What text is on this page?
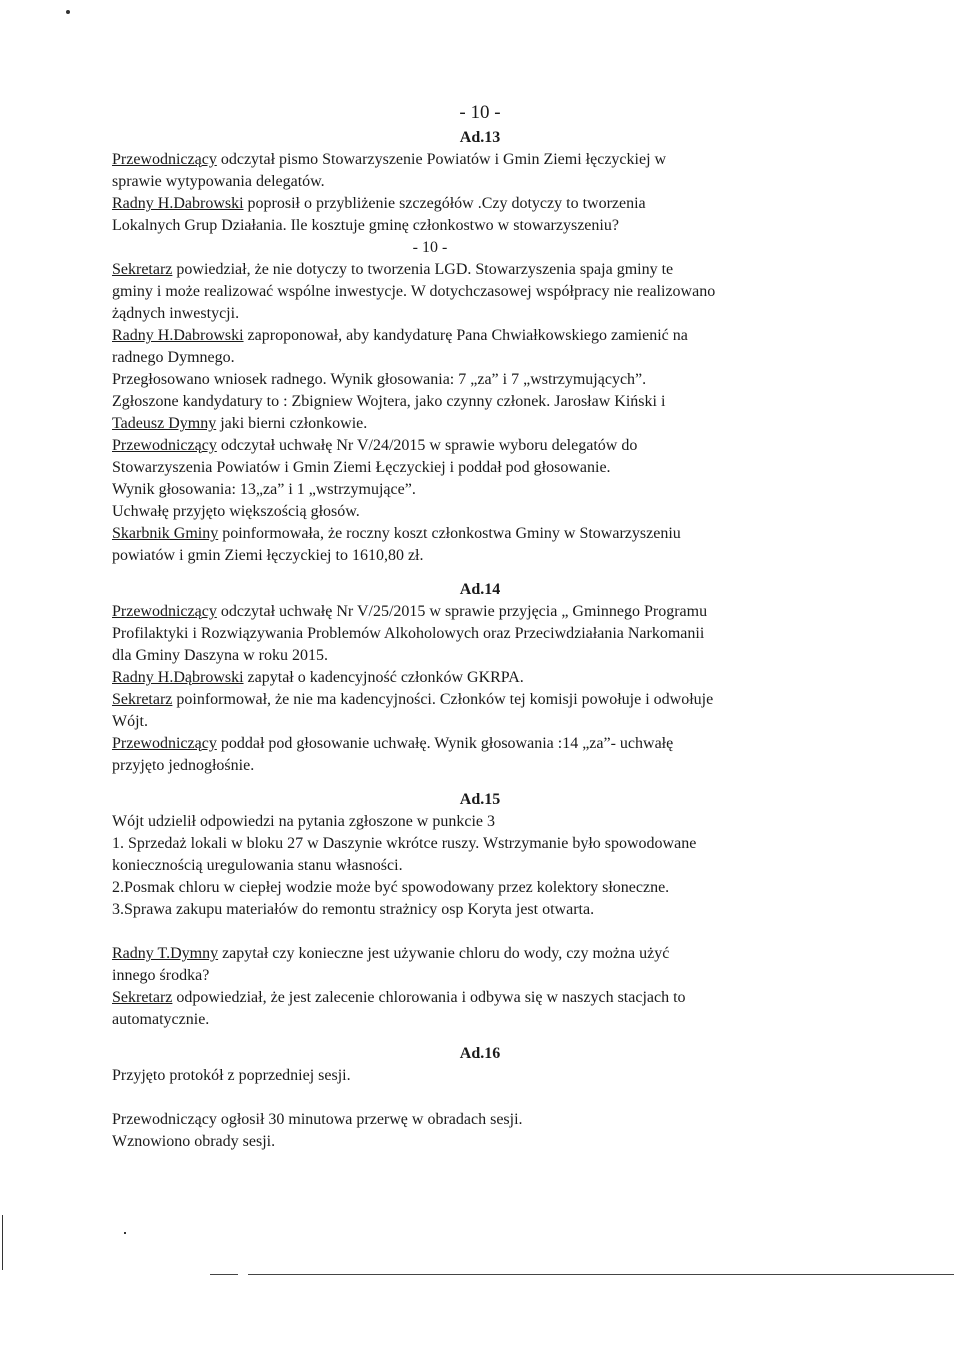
- 10 -
Ad.13
Przewodniczący odczytał pismo Stowarzyszenie Powiatów i Gmin Ziemi łęczyckiej w
sprawie wytypowania delegatów.
Radny H.Dabrowski poprosił o przybliżenie szczegółów .Czy dotyczy to tworzenia
Lokalnych Grup Działania. Ile kosztuje gminę członkostwo w stowarzyszeniu?
- 10 -
Sekretarz powiedział, że nie dotyczy to tworzenia LGD. Stowarzyszenia spaja gminy te
gminy i może realizować wspólne inwestycje. W dotychczasowej współpracy nie realizowano
żądnych inwestycji.
Radny H.Dabrowski zaproponował, aby kandydaturę Pana Chwiałkowskiego zamienić na
radnego Dymnego.
Przegłosowano wniosek radnego. Wynik głosowania: 7 „za” i 7 „wstrzymujących”.
Zgłoszone kandydatury to : Zbigniew Wojtera, jako czynny członek. Jarosław Kiński i
Tadeusz Dymny jaki bierni członkowie.
Przewodniczący odczytał uchwałę Nr V/24/2015 w sprawie wyboru delegatów do
Stowarzyszenia Powiatów i Gmin Ziemi Łęczyckiej i poddał pod głosowanie.
Wynik głosowania: 13„za” i 1 „wstrzymujące”.
Uchwałę przyjęto większością głosów.
Skarbnik Gminy poinformowała, że roczny koszt członkostwa Gminy w Stowarzyszeniu
powiatów i gmin Ziemi łęczyckiej to 1610,80 zł.
Ad.14
Przewodniczący odczytał uchwałę Nr V/25/2015 w sprawie przyjęcia „ Gminnego Programu
Profilaktyki i Rozwiązywania Problemów Alkoholowych oraz Przeciwdziałania Narkomanii
dla Gminy Daszyna w roku 2015.
Radny H.Dąbrowski zapytał o kadencyjność członków GKRPA.
Sekretarz poinformował, że nie ma kadencyjności. Członków tej komisji powołuje i odwołuje
Wójt.
Przewodniczący poddał pod głosowanie uchwałę. Wynik głosowania :14 „za”- uchwałę
przyjęto jednogłośnie.
Ad.15
Wójt udzielił odpowiedzi na pytania zgłoszone w punkcie 3
1. Sprzedaż lokali w bloku 27 w Daszynie wkrótce ruszy. Wstrzymanie było spowodowane
koniecznością uregulowania stanu własności.
2.Posmak chloru w ciepłej wodzie może być spowodowany przez kolektory słoneczne.
3.Sprawa zakupu materiałów do remontu strażnicy osp Koryta jest otwarta.
Radny T.Dymny zapytał czy konieczne jest używanie chloru do wody, czy można użyć
innego środka?
Sekretarz odpowiedział, że jest zalecenie chlorowania i odbywa się w naszych stacjach to
automatycznie.
Ad.16
Przyjęto protokół z poprzedniej sesji.
Przewodniczący ogłosił 30 minutowa przerwę w obradach sesji.
Wznowiono obrady sesji.
